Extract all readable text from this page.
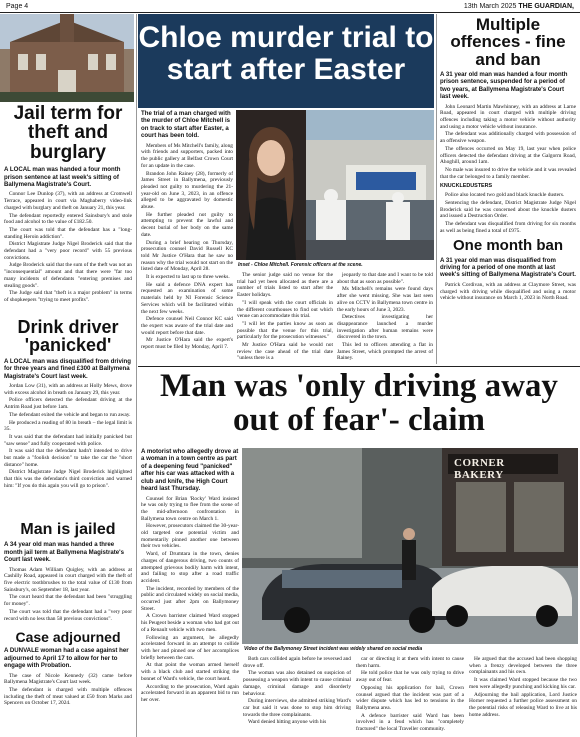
Page 4	13th March 2025 THE GUARDIAN,
Jail term for theft and burglary
A LOCAL man was handed a four month prison sentence at last week's sitting of Ballymena Magistrate's Court.

Connor Lee Dunlop (37), with an address at Cromwell Terrace, appeared in court via Maghaberry video-link charged with burglary and theft on January 21, this year.

The defendant reportedly entered Sainsbury's and stole food and alcohol to the value of £182.50.

The court was told that the defendant has a "long-standing Heroin addiction".

District Magistrate Judge Nigel Broderick said that the defendant had a "very poor record" with 55 previous convictions.

Judge Broderick said that the sum of the theft was not an "inconsequential" amount and that there were "far too many incidents of defendants "entering premises and stealing goods".

The Judge said that "theft is a major problem" in terms of shopkeepers "trying to meet profits".

Drink driver 'panicked'
A LOCAL man was disqualified from driving for three years and fined £300 at Ballymena Magistrate's Court last week.

Jordan Low (31), with an address at Holly Mews, drove with excess alcohol in breath on January 29, this year.

Police officers detected the defendant driving at the Antrim Road just before 1am.

The defendant exited the vehicle and began to run away.

He produced a reading of 80 in breath – the legal limit is 35.

It was said that the defendant had initially panicked but "saw sense" and fully cooperated with police.

It was said that the defendant hadn't intended to drive but made a "foolish decision" to take the car the "short distance" home.

District Magistrate Judge Nigel Broderick highlighted that this was the defendant's third conviction and warned him: "If you do this again you will go to prison".

Man is jailed
A 34 year old man was handed a three month jail term at Ballymena Magistrate's Court last week.

Thomas Adam William Quigley, with an address at Cashilly Road, appeared in court charged with the theft of five electric toothbrushes to the total value of £130 from Sainsbury's, on September 18, last year.

The court heard that the defendant had been "struggling for money".

The court was told that the defendant had a "very poor record with no less than 58 previous convictions".

Case adjourned
A DUNVALE woman had a case against her adjourned to April 17 to allow for her to engage with Probation.

The case of Nicole Kennedy (32) came before Ballymena Magistrate's Court last week.

The defendant is charged with multiple offences including the theft of meat valued at £50 from Marks and Spencers on October 17, 2024.

Chloe murder trial to start after Easter
The trial of a man charged with the murder of Chloe Mitchell is on track to start after Easter, a court has been told.

Members of Ms Mitchell's family, along with friends and supporters, packed into the public gallery at Belfast Crown Court for an update in the case.

Brandon John Rainey (28), formerly of James Street in Ballymena, previously pleaded not guilty to murdering the 21-year-old on June 3, 2023, in an offence alleged to be aggravated by domestic abuse.

He further pleaded not guilty to attempting to prevent the lawful and decent burial of her body on the same date.

During a brief hearing on Thursday, prosecution counsel David Russell KC told Mr Justice O'Hara that he saw no reason why the trial would not start on the listed date of Monday, April 28.

It is expected to last up to three weeks.

He said a defence DNA expert has requested an examination of some materials held by NI Forensic Science Services which will be facilitated within the next few weeks.

Defence counsel Neil Connor KC said the expert was aware of the trial date and would report before that date.

Mr Justice O'Hara said the expert's report must be filed by Monday, April 7.

Inset - Chloe Mitchell. Forensic officers at the scene.

The senior judge said no venue for the trial had yet been allocated as there are a number of trials listed to start after the Easter holidays.

"I will speak with the court officials in the different courthouses to find out which venue can accommodate this trial.

"I will let the parties know as soon as possible that the venue for this trial, particularly for the prosecution witnesses."

Mr Justice O'Hara said he would not review the case ahead of the trial date "unless there is a

jeopardy to that date and I want to be told about that as soon as possible".

Ms Mitchell's remains were found days after she went missing. She was last seen alive on CCTV in Ballymena town centre in the early hours of June 3, 2023.

Detectives investigating her disappearance launched a murder investigation after human remains were discovered in the town.

This led to officers attending a flat in James Street, which prompted the arrest of Rainey.

Multiple offences - fine and ban
A 31 year old man was handed a four month prison sentence, suspended for a period of two years, at Ballymena Magistrate's Court last week.

John Leonard Martin Mawhinney, with an address at Larne Road, appeared in court charged with multiple driving offences including taking a motor vehicle without authority and using a motor vehicle without insurance.

The defendant was additionally charged with possession of an offensive weapon.

The offences occurred on May 19, last year when police officers detected the defendant driving at the Galgorm Road, Ahoghill, around 1am.

No male was insured to drive the vehicle and it was revealed that the car belonged to a family member.

KNUCKLEDUSTERS

Police also located two gold and black knuckle dusters.

Sentencing the defendant, District Magistrate Judge Nigel Broderick said he was concerned about the knuckle dusters and issued a Destruction Order.

The defendant was disqualified from driving for six months as well as being fined a total of £975.

One month ban
A 31 year old man was disqualified from driving for a period of one month at last week's sitting of Ballymena Magistrate's Court.

Patrick Cordivan, with an address at Claymore Street, was charged with driving while disqualified and using a motor vehicle without insurance on March 1, 2023 in North Road.

Man was 'only driving away out of fear'- claim
A motorist who allegedly drove at a woman in a town centre as part of a deepening feud "panicked" after his car was attacked with a club and knife, the High Court heard last Thursday.

Counsel for Brian 'Rocky' Ward insisted he was only trying to flee from the scene of the mid-afternoon confrontation in Ballymena town centre on March 1.

However, prosecutors claimed the 30-year-old targeted one potential victim and momentarily pinned another one between their two vehicles.

Ward, of Drumtara in the town, denies charges of dangerous driving, two counts of attempted grievous bodily harm with intent, and failing to stop after a road traffic accident.

The incident, recorded by members of the public and circulated widely on social media, occurred just after 2pm on Ballymoney Street.

A Crown barrister claimed Ward stopped his Peugeot beside a woman who had got out of a Renault vehicle with two men.

Following an argument, he allegedly accelerated forward in an attempt to collide with her and pinned one of her accomplices briefly between the cars.

At that point the woman armed herself with a black club and started striking the bonnet of Ward's vehicle, the court heard.

According to the prosecution, Ward again accelerated forward in an apparent bid to run her over.

CORNER BAKERY
Video of the Ballymoney Street incident was widely shared on social media

Both cars collided again before he reversed and drove off.

The woman was also detained on suspicion of possessing a weapon with intent to cause criminal damage, criminal damage and disorderly behaviour.

During interviews, she admitted striking Ward's car but said it was done to stop him driving towards the three complainants.

Ward denied hitting anyone with his

car or directing it at them with intent to cause them harm.

He told police that he was only trying to drive away out of fear.

Opposing his application for bail, Crown counsel argued that the incident was part of a wider dispute which has led to tensions in the Ballymena area.

A defence barrister said Ward has been involved in a feud which has "completely fractured" the local Traveller community.

He argued that the accused had been shopping when a frenzy developed between the three complainants and his own.

It was claimed Ward stopped because the two men were allegedly punching and kicking his car.

Adjourning the bail application, Lord Justice Horner requested a further police assessment on the potential risks of releasing Ward to live at his home address.
